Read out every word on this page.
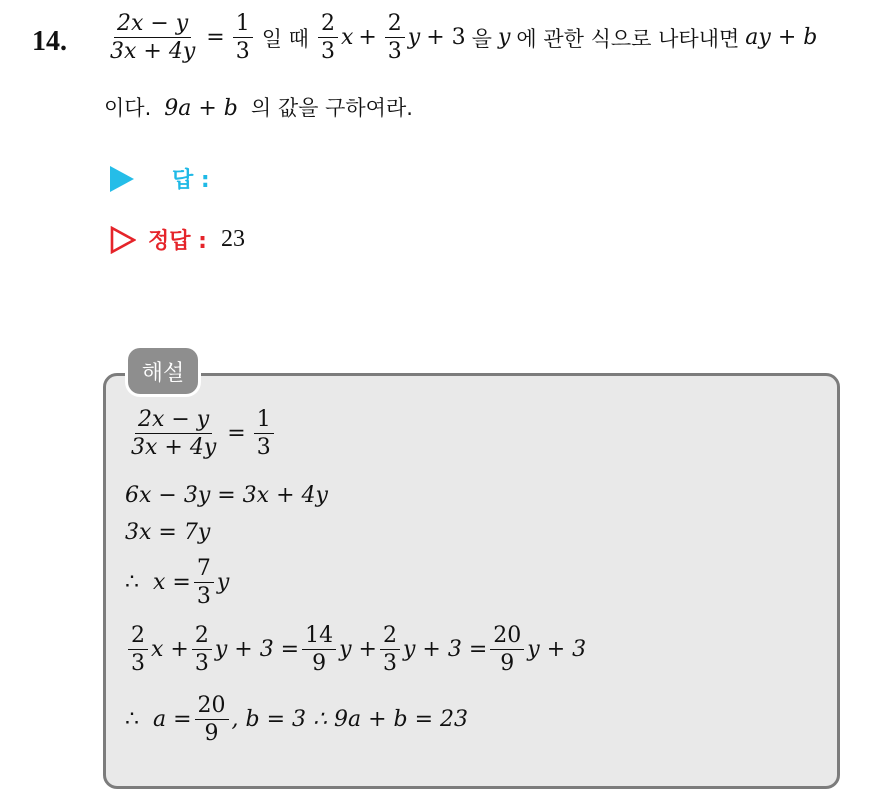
14. $\frac{2x - y}{3x + 4y} = \frac{1}{3}$ 일 때 $\frac{2}{3}$ $x + \frac{2}{3}$ y + 3 을 y 에 관한 식으로 나타내면 ay + b
이다. 9a + b 의 값을 구하여라.
답 :
정답 : 23
해설
$\frac{2x - y}{3x + 4y} = \frac{1}{3}$
6x − 3y = 3x + 4y
3x = 7y
∴ $x = \frac{7}{3}$ y
$\frac{2}{3}$ $x + \frac{2}{3}$ $y + 3 = \frac{14}{9}$ $y + \frac{2}{3}$ $y + 3 = \frac{20}{9}$ y + 3
∴ $a = \frac{20}{9}$ , b = 3 ∴ 9a + b = 23
